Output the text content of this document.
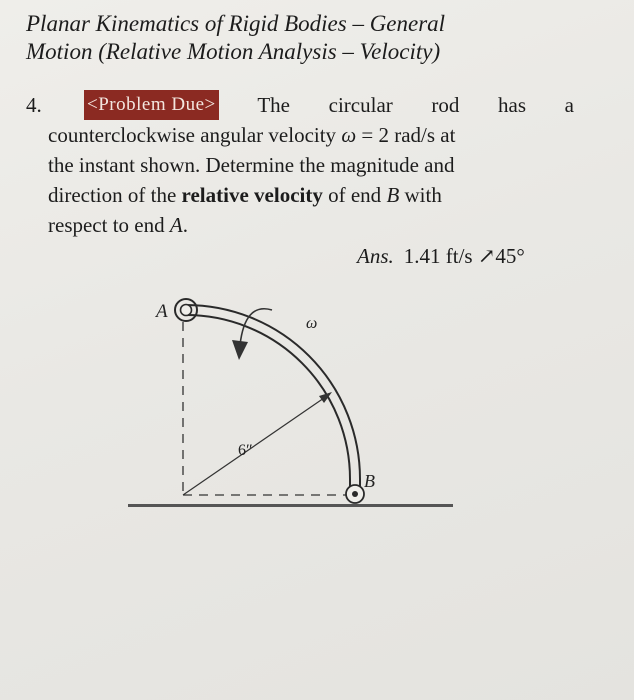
Planar Kinematics of Rigid Bodies – General
Motion (Relative Motion Analysis – Velocity)
4. <Problem Due> The circular rod has a
counterclockwise angular velocity ω = 2 rad/s at
the instant shown. Determine the magnitude and
direction of the relative velocity of end B with
respect to end A.
Ans. 1.41 ft/s ↗45°
A
B
ω
6″
